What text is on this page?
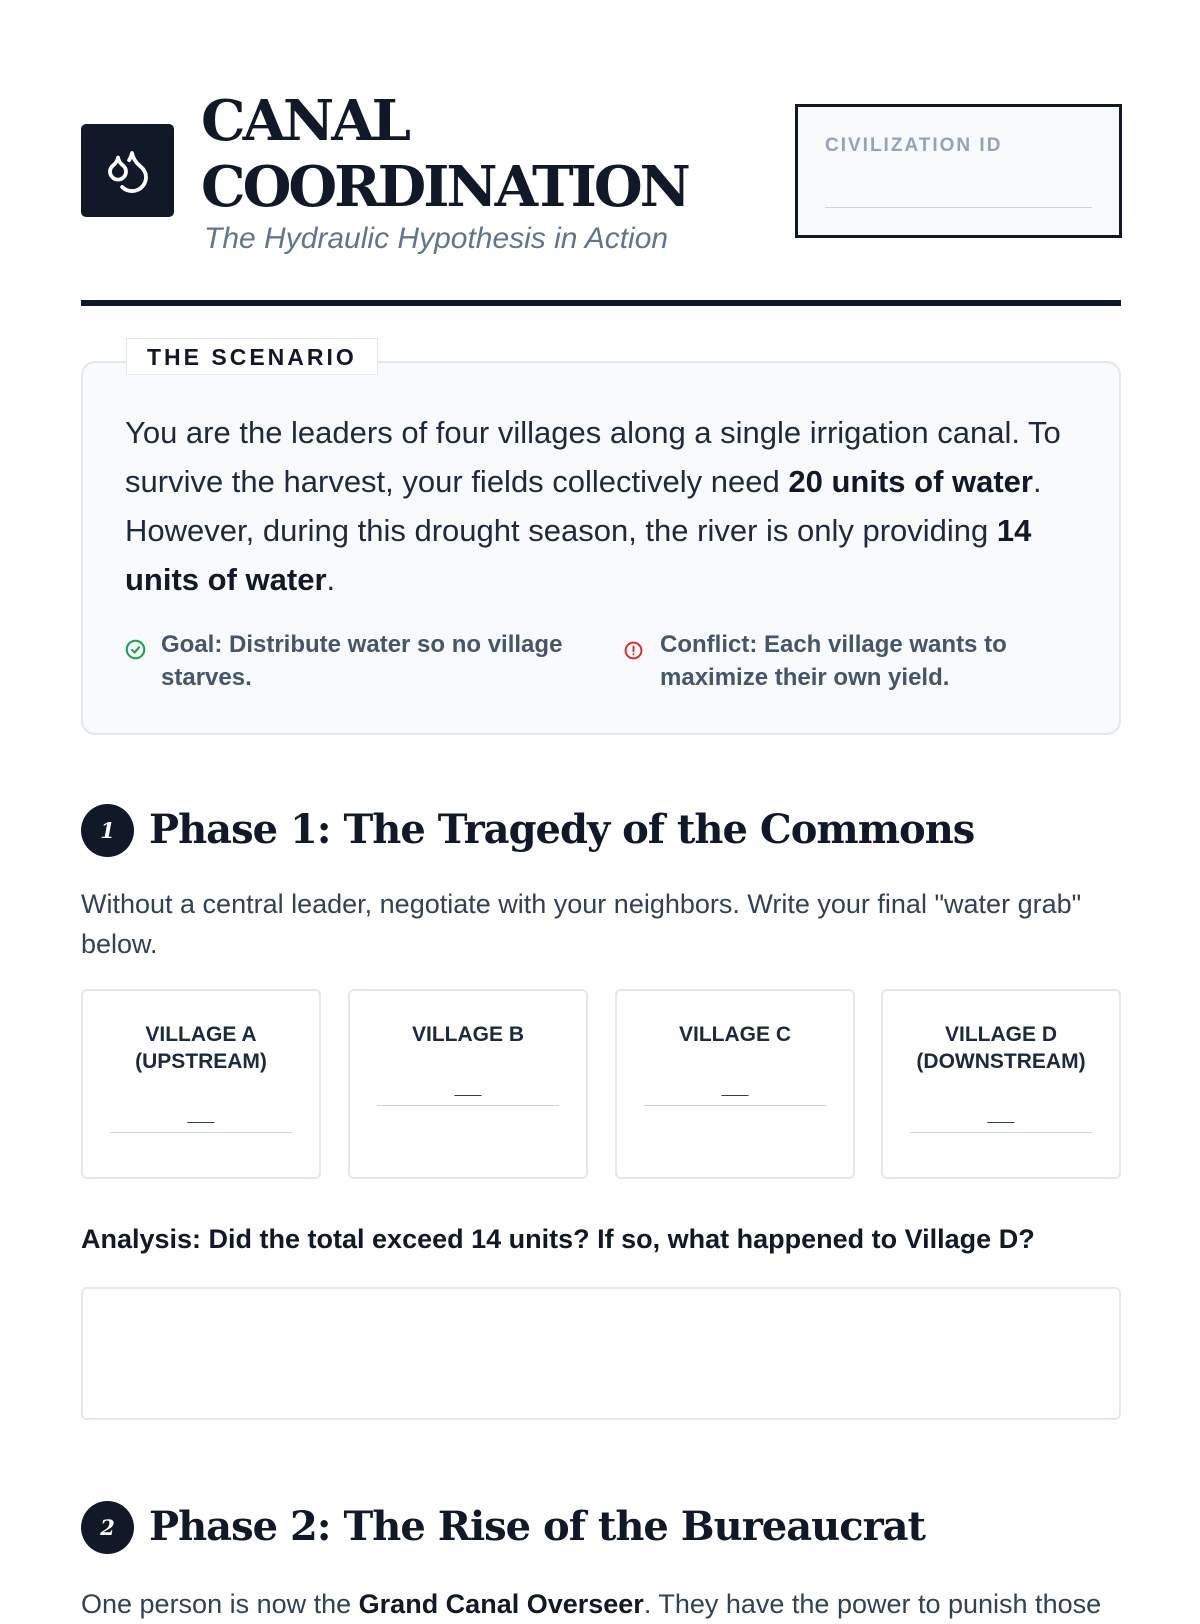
CANAL
COORDINATION
The Hydraulic Hypothesis in Action
CIVILIZATION ID
THE SCENARIO
You are the leaders of four villages along a single irrigation canal. To survive the harvest, your fields collectively need 20 units of water. However, during this drought season, the river is only providing 14 units of water.
Goal: Distribute water so no village starves.
Conflict: Each village wants to maximize their own yield.
1 Phase 1: The Tragedy of the Commons
Without a central leader, negotiate with your neighbors. Write your final "water grab" below.
VILLAGE A (UPSTREAM)
__
VILLAGE B
__
VILLAGE C
__
VILLAGE D (DOWNSTREAM)
__
Analysis: Did the total exceed 14 units? If so, what happened to Village D?
2 Phase 2: The Rise of the Bureaucrat
One person is now the Grand Canal Overseer. They have the power to punish those
